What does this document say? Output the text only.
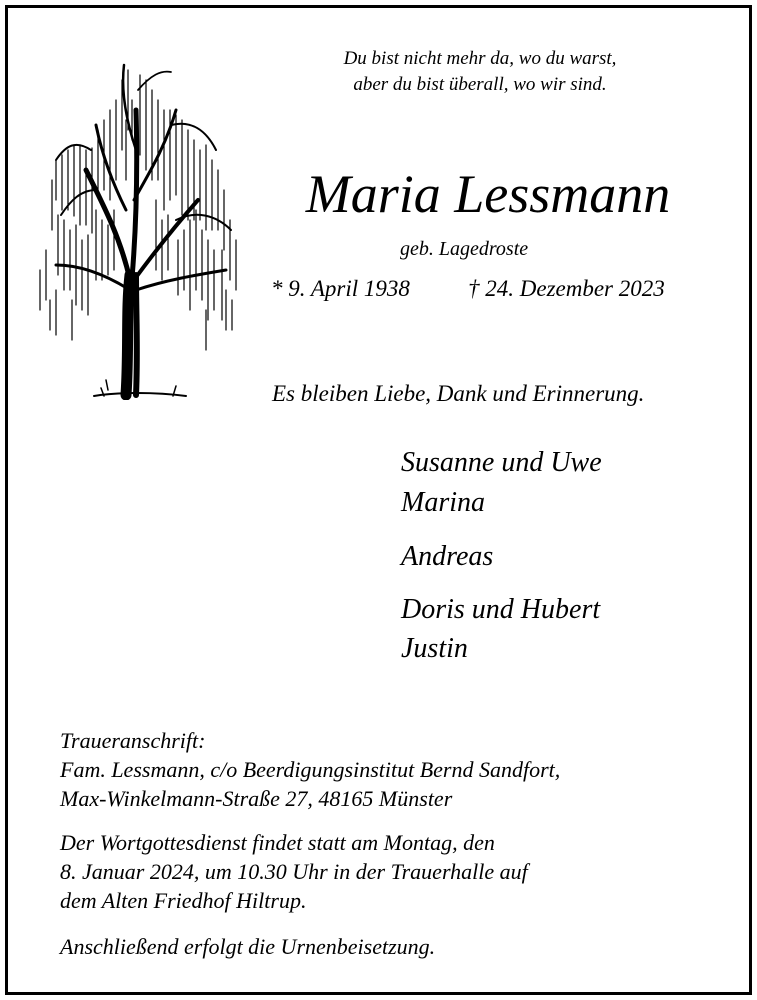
Du bist nicht mehr da, wo du warst,
aber du bist überall, wo wir sind.
Maria Lessmann
geb. Lagedroste
* 9. April 1938	† 24. Dezember 2023
Es bleiben Liebe, Dank und Erinnerung.
Susanne und Uwe
Marina
Andreas
Doris und Hubert
Justin
Traueranschrift:
Fam. Lessmann, c/o Beerdigungsinstitut Bernd Sandfort,
Max-Winkelmann-Straße 27, 48165 Münster
Der Wortgottesdienst findet statt am Montag, den
8. Januar 2024, um 10.30 Uhr in der Trauerhalle auf
dem Alten Friedhof Hiltrup.
Anschließend erfolgt die Urnenbeisetzung.
